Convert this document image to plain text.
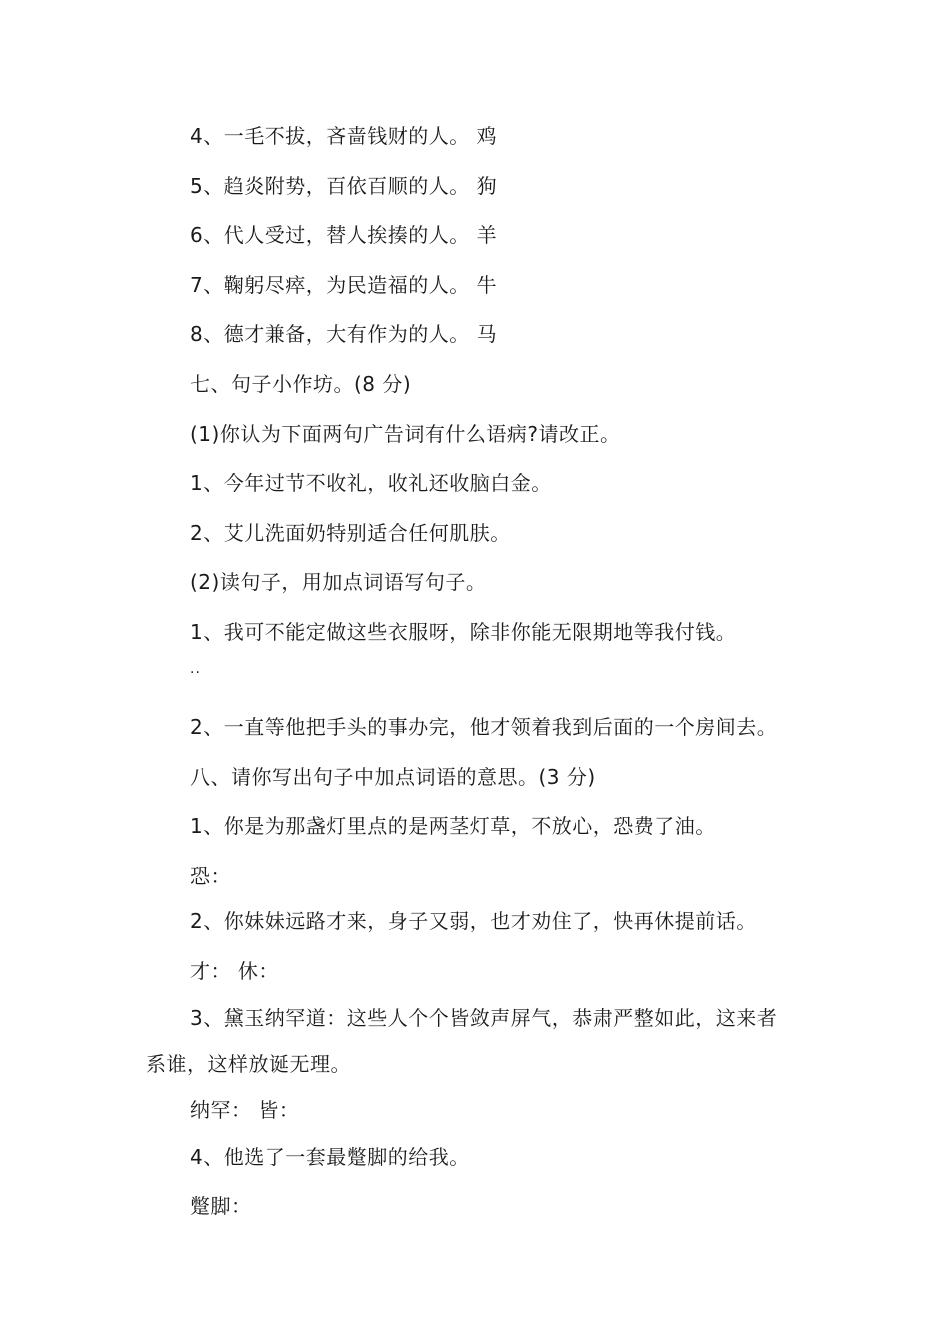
4、一毛不拔，吝啬钱财的人。 鸡
5、趋炎附势，百依百顺的人。 狗
6、代人受过，替人挨揍的人。 羊
7、鞠躬尽瘁，为民造福的人。 牛
8、德才兼备，大有作为的人。 马
七、句子小作坊。(8 分)
(1)你认为下面两句广告词有什么语病?请改正。
1、今年过节不收礼，收礼还收脑白金。
2、艾儿洗面奶特别适合任何肌肤。
(2)读句子，用加点词语写句子。
1、我可不能定做这些衣服呀，除非你能无限期地等我付钱。
..
2、一直等他把手头的事办完，他才领着我到后面的一个房间去。
八、请你写出句子中加点词语的意思。(3 分)
1、你是为那盏灯里点的是两茎灯草，不放心，恐费了油。
恐：
2、你妹妹远路才来，身子又弱，也才劝住了，快再休提前话。
才： 休：
3、黛玉纳罕道：这些人个个皆敛声屏气，恭肃严整如此，这来者
系谁，这样放诞无理。
纳罕： 皆：
4、他选了一套最蹩脚的给我。
蹩脚：
